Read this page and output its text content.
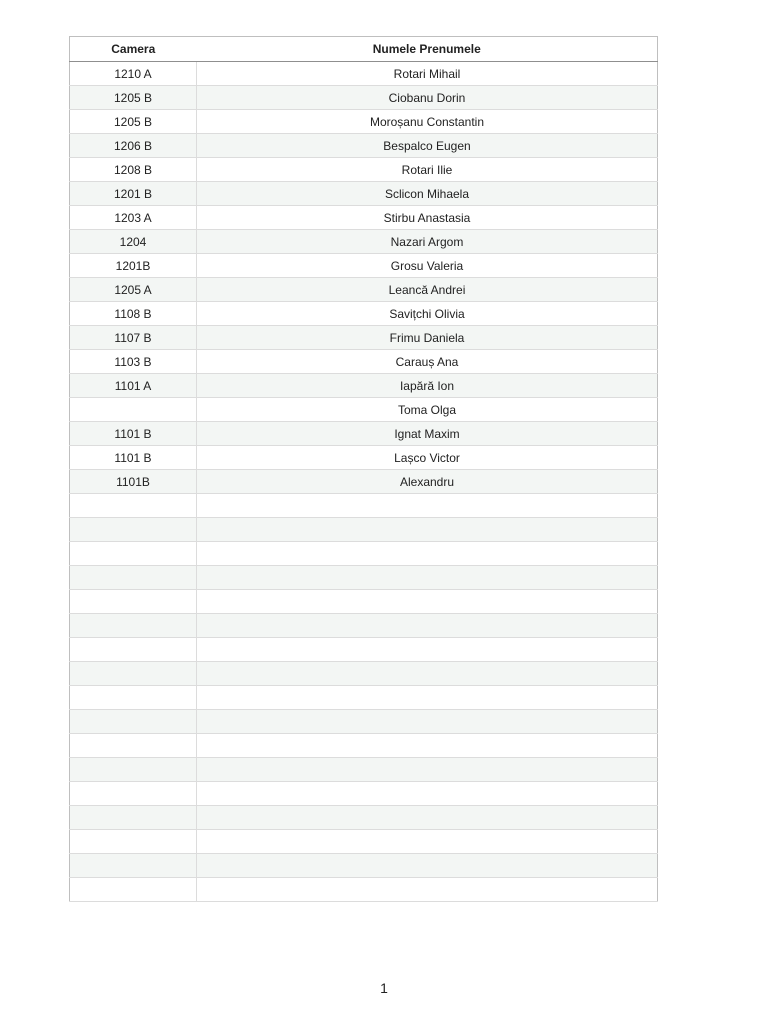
Camera	Numele Prenumele
1210 A	Rotari Mihail
1205 B	Ciobanu Dorin
1205 B	Moroșanu Constantin
1206 B	Bespalco Eugen
1208 B	Rotari Ilie
1201 B	Sclicon Mihaela
1203 A	Stirbu Anastasia
1204	Nazari Argom
1201B	Grosu Valeria
1205 A	Leancă Andrei
1108 B	Savițchi Olivia
1107 B	Frimu Daniela
1103 B	Carauș Ana
1101 A	Iapără Ion
	Toma Olga
1101 B	Ignat Maxim
1101 B	Lașco Victor
1101B	Alexandru

1
